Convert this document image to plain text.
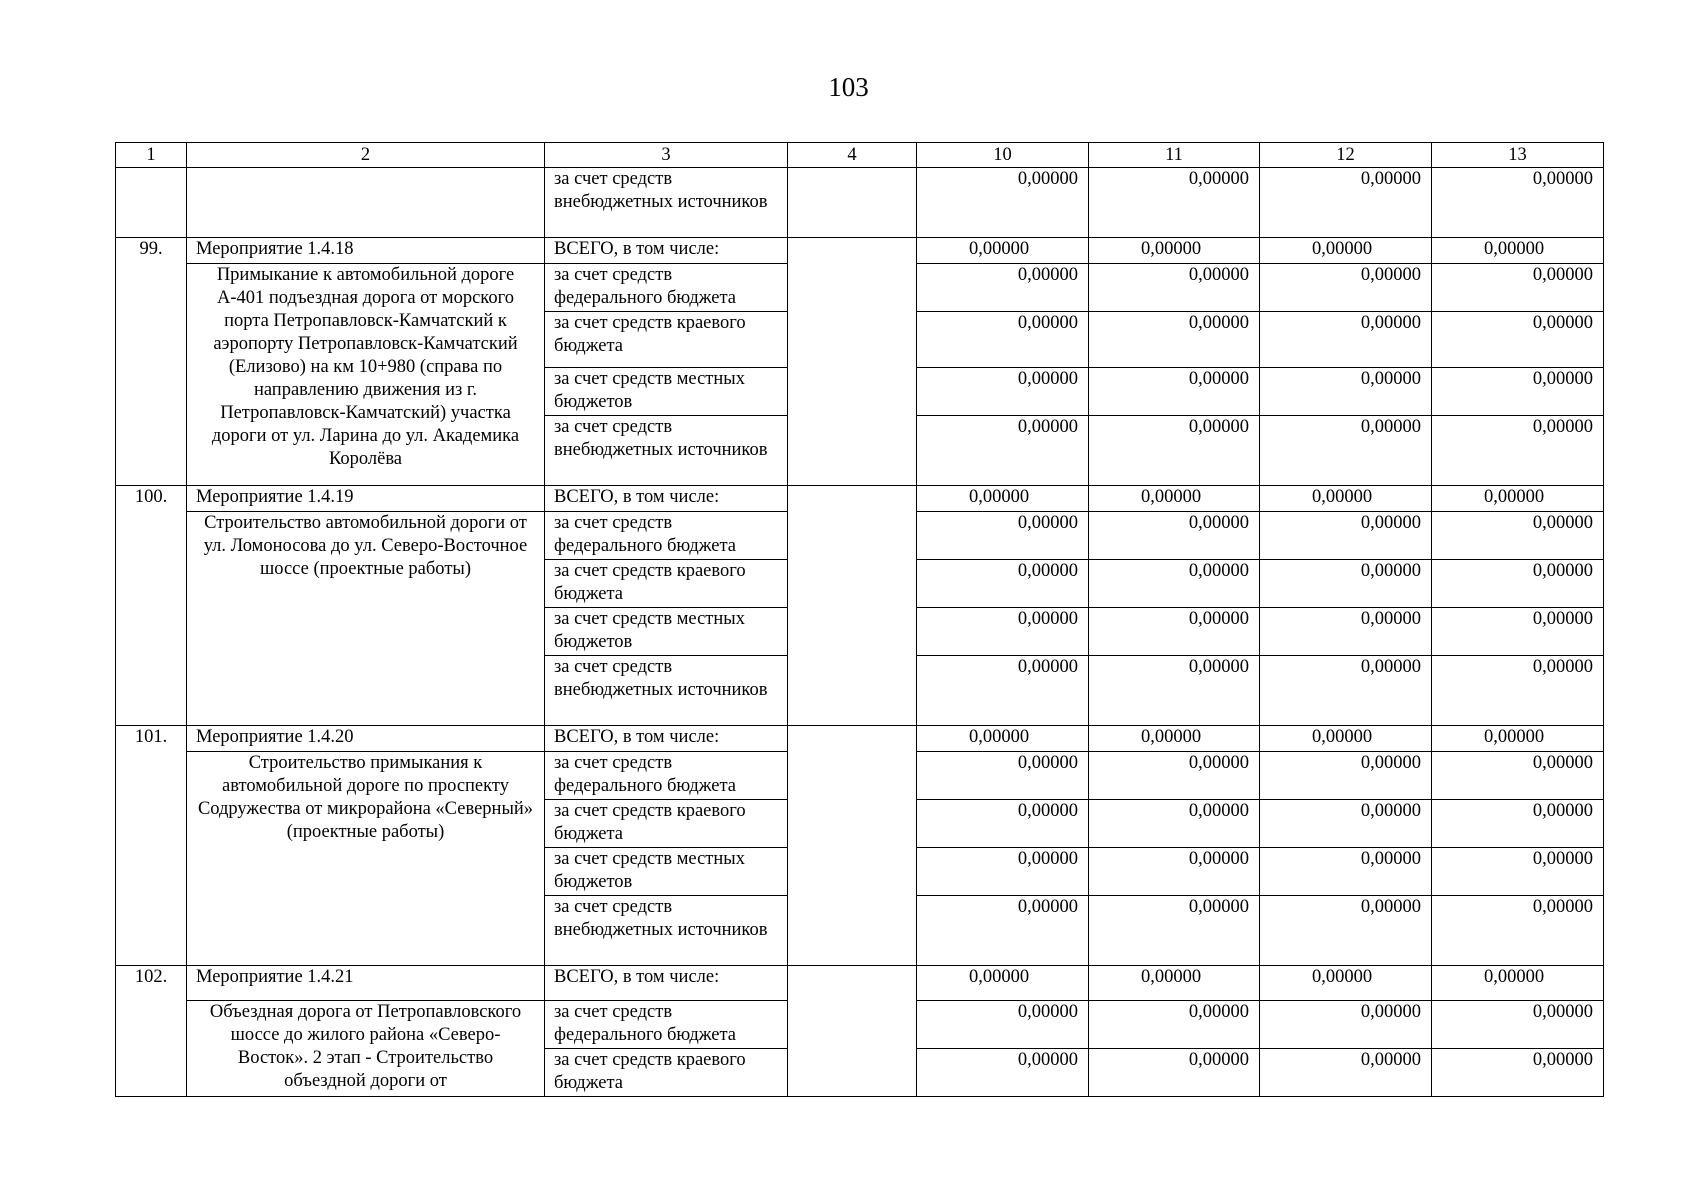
103
1	2	3	4	10	11	12	13
		за счет средств внебюджетных источников		0,00000	0,00000	0,00000	0,00000
99.	Мероприятие 1.4.18	ВСЕГО, в том числе:		0,00000	0,00000	0,00000	0,00000
	Примыкание к автомобильной дороге А-401 подъездная дорога от морского порта Петропавловск-Камчатский к аэропорту Петропавловск-Камчатский (Елизово) на км 10+980 (справа по направлению движения из г. Петропавловск-Камчатский) участка дороги от ул. Ларина до ул. Академика Королёва	за счет средств федерального бюджета		0,00000	0,00000	0,00000	0,00000
		за счет средств краевого бюджета		0,00000	0,00000	0,00000	0,00000
		за счет средств местных бюджетов		0,00000	0,00000	0,00000	0,00000
		за счет средств внебюджетных источников		0,00000	0,00000	0,00000	0,00000
100.	Мероприятие 1.4.19	ВСЕГО, в том числе:		0,00000	0,00000	0,00000	0,00000
	Строительство автомобильной дороги от ул. Ломоносова до ул. Северо-Восточное шоссе (проектные работы)	за счет средств федерального бюджета		0,00000	0,00000	0,00000	0,00000
		за счет средств краевого бюджета		0,00000	0,00000	0,00000	0,00000
		за счет средств местных бюджетов		0,00000	0,00000	0,00000	0,00000
		за счет средств внебюджетных источников		0,00000	0,00000	0,00000	0,00000
101.	Мероприятие 1.4.20	ВСЕГО, в том числе:		0,00000	0,00000	0,00000	0,00000
	Строительство примыкания к автомобильной дороге по проспекту Содружества от микрорайона «Северный» (проектные работы)	за счет средств федерального бюджета		0,00000	0,00000	0,00000	0,00000
		за счет средств краевого бюджета		0,00000	0,00000	0,00000	0,00000
		за счет средств местных бюджетов		0,00000	0,00000	0,00000	0,00000
		за счет средств внебюджетных источников		0,00000	0,00000	0,00000	0,00000
102.	Мероприятие 1.4.21	ВСЕГО, в том числе:		0,00000	0,00000	0,00000	0,00000
	Объездная дорога от Петропавловского шоссе до жилого района «Северо-Восток». 2 этап - Строительство объездной дороги от	за счет средств федерального бюджета		0,00000	0,00000	0,00000	0,00000
		за счет средств краевого бюджета		0,00000	0,00000	0,00000	0,00000
